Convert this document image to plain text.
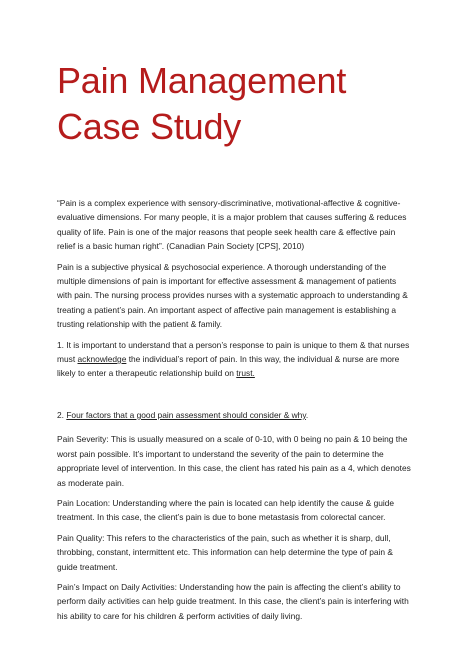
Pain Management
Case Study

“Pain is a complex experience with sensory-discriminative, motivational-affective & cognitive-evaluative dimensions. For many people, it is a major problem that causes suffering & reduces quality of life. Pain is one of the major reasons that people seek health care & effective pain relief is a basic human right”. (Canadian Pain Society [CPS], 2010)

Pain is a subjective physical & psychosocial experience. A thorough understanding of the multiple dimensions of pain is important for effective assessment & management of patients with pain. The nursing process provides nurses with a systematic approach to understanding & treating a patient’s pain. An important aspect of affective pain management is establishing a trusting relationship with the patient & family.

1. It is important to understand that a person’s response to pain is unique to them & that nurses must acknowledge the individual’s report of pain. In this way, the individual & nurse are more likely to enter a therapeutic relationship build on trust.

2. Four factors that a good pain assessment should consider & why.

Pain Severity: This is usually measured on a scale of 0-10, with 0 being no pain & 10 being the worst pain possible. It’s important to understand the severity of the pain to determine the appropriate level of intervention. In this case, the client has rated his pain as a 4, which denotes as moderate pain.

Pain Location: Understanding where the pain is located can help identify the cause & guide treatment. In this case, the client’s pain is due to bone metastasis from colorectal cancer.

Pain Quality: This refers to the characteristics of the pain, such as whether it is sharp, dull, throbbing, constant, intermittent etc. This information can help determine the type of pain & guide treatment.

Pain’s Impact on Daily Activities: Understanding how the pain is affecting the client’s ability to perform daily activities can help guide treatment. In this case, the client’s pain is interfering with his ability to care for his children & perform activities of daily living.
